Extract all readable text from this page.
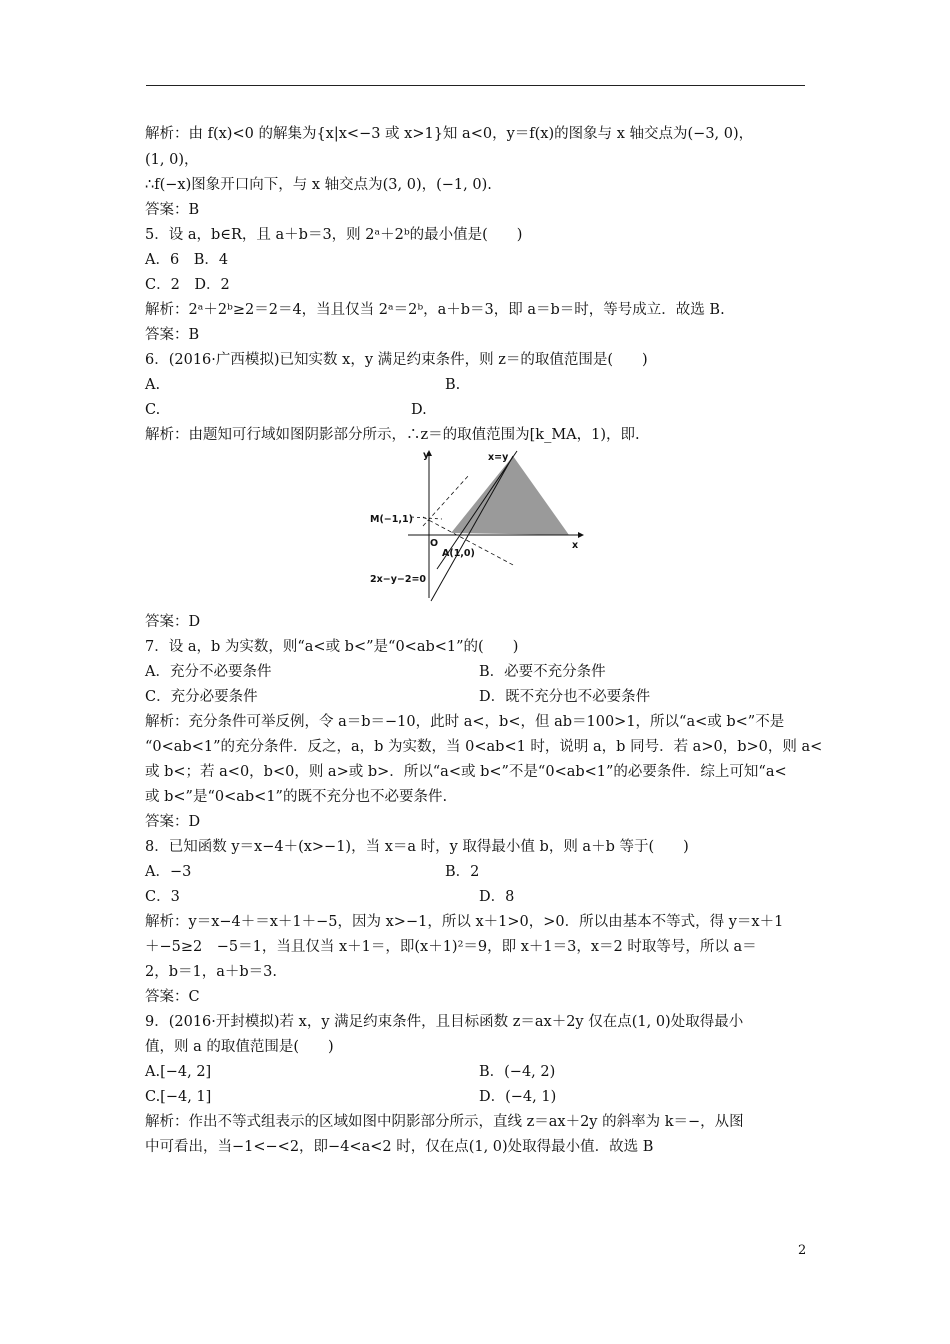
解析：由 f(x)<0 的解集为{x|x<−3 或 x>1}知 a<0，y＝f(x)的图象与 x 轴交点为(−3, 0)，
(1, 0)，
∴f(−x)图象开口向下，与 x 轴交点为(3, 0)，(−1, 0).
答案：B
5．设 a，b∈R，且 a＋b＝3，则 2ᵃ＋2ᵇ的最小值是(　　)
A．6　B．4
C．2　D．2
解析：2ᵃ＋2ᵇ≥2＝2＝4，当且仅当 2ᵃ＝2ᵇ，a＋b＝3，即 a＝b＝时，等号成立．故选 B.
答案：B
6．(2016·广西模拟)已知实数 x，y 满足约束条件，则 z＝的取值范围是(　　)
A.	B.
C.	D.
解析：由题知可行域如图阴影部分所示，∴z＝的取值范围为[k_MA，1)，即.
y
x
x=y
M(−1,1)
O
A(1,0)
2x−y−2=0
答案：D
7．设 a，b 为实数，则“a<或 b<”是“0<ab<1”的(　　)
A．充分不必要条件	B．必要不充分条件
C．充分必要条件	D．既不充分也不必要条件
解析：充分条件可举反例，令 a＝b＝−10，此时 a<，b<，但 ab＝100>1，所以“a<或 b<”不是
“0<ab<1”的充分条件．反之，a，b 为实数，当 0<ab<1 时，说明 a，b 同号．若 a>0，b>0，则 a<
或 b<；若 a<0，b<0，则 a>或 b>．所以“a<或 b<”不是“0<ab<1”的必要条件．综上可知“a<
或 b<”是“0<ab<1”的既不充分也不必要条件.
答案：D
8．已知函数 y＝x−4＋(x>−1)，当 x＝a 时，y 取得最小值 b，则 a＋b 等于(　　)
A．−3	B．2
C．3	D．8
解析：y＝x−4＋＝x＋1＋−5，因为 x>−1，所以 x＋1>0，>0．所以由基本不等式，得 y＝x＋1
＋−5≥2　−5＝1，当且仅当 x＋1＝，即(x＋1)²＝9，即 x＋1＝3，x＝2 时取等号，所以 a＝
2，b＝1，a＋b＝3.
答案：C
9．(2016·开封模拟)若 x，y 满足约束条件，且目标函数 z＝ax＋2y 仅在点(1, 0)处取得最小
值，则 a 的取值范围是(　　)
A.[−4, 2]	B．(−4, 2)
C.[−4, 1]	D．(−4, 1)
解析：作出不等式组表示的区域如图中阴影部分所示，直线 z＝ax＋2y 的斜率为 k＝−，从图
中可看出，当−1<−<2，即−4<a<2 时，仅在点(1, 0)处取得最小值．故选 B
2
